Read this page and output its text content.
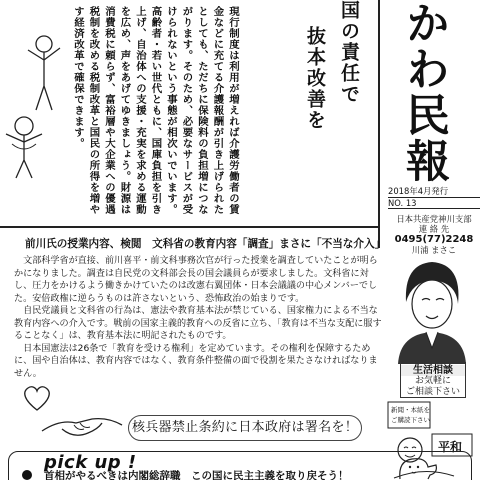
現行制度は利用が増えれば介護労働者の賃金などに充てる介護報酬が引き上げられたとしても、ただちに保険料の負担増につながります。そのため、必要なサービスが受けられないという事態が相次いでいます。高齢者・若い世代ともに、国庫負担を引き上げ、自治体への支援・充実を求める運動を広め、声をあげてゆきましょう。財源は消費税に頼らず、富裕層や大企業への優遇税制を改める税制改革と国民の所得を増やす経済改革で確保できます。	国の責任で
抜本改善を かわ民報
2018年4月発行
NO. 13
日本共産党神川支部
連 絡 先
0495(77)2248
川浦 まさこ
前川氏の授業内容、検閲　文科省の教育内容「調査」まさに「不当な介入」

文部科学省が直接、前川喜平・前文科事務次官が行った授業を調査していたことが明らかになりました。調査は自民党の文科部会長の国会議員らが要求しました。文科省に対し、圧力をかけるよう働きかけていたのは改憲右翼団体・日本会議議の中心メンバーでした。安倍政権に逆らうものは許さないという、恐怖政治の始まりです。

自民党議員と文科省の行為は、憲法や教育基本法が禁じている、国家権力による不当な教育内容への介入です。戦前の国家主義的教育への反省に立ち、「教育は不当な支配に服することなく」は、教育基本法に明記されたものです。

日本国憲法は26条で「教育を受ける権利」を定めています。その権利を保障するために、国や自治体は、教育内容ではなく、教育条件整備の面で役割を果たさなければなりません。	生活相談
お気軽に
ご相談下さい
新聞・本紙を
ご購読下さい
平和
核兵器禁止条約に日本政府は署名を！
pick up !
首相がやるべきは内閣総辞職　この国に民主主義を取り戻そう！
